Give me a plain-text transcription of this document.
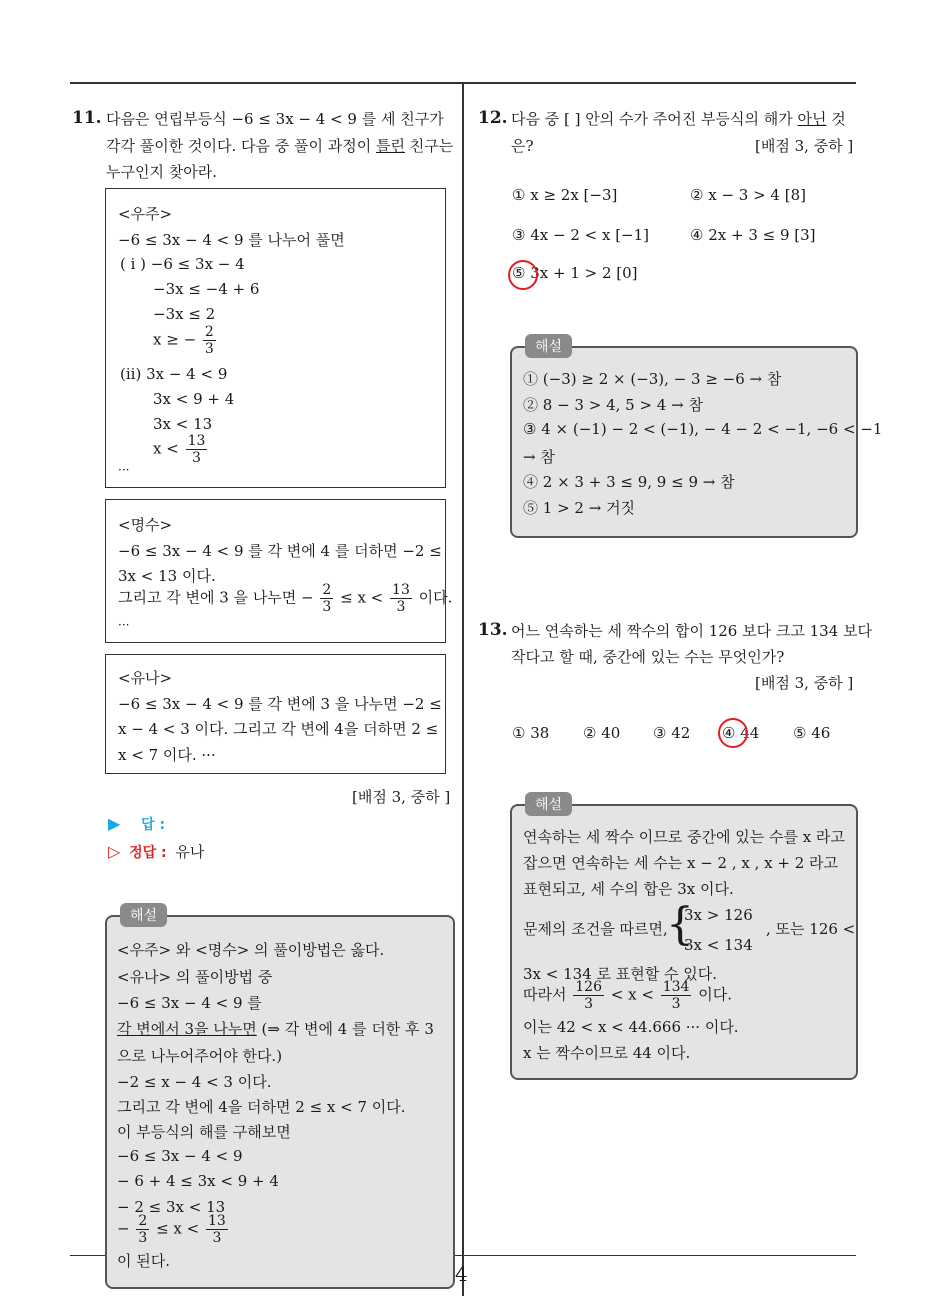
4
11. 다음은 연립부등식 −6 ≤ 3x − 4 < 9 를 세 친구가
각각 풀이한 것이다. 다음 중 풀이 과정이 틀린 친구는
누구인지 찾아라.
<우주>
−6 ≤ 3x − 4 < 9 를 나누어 풀면
( i ) −6 ≤ 3x − 4
−3x ≤ −4 + 6
−3x ≤ 2
x ≥ − $\frac{2}{3}$
(ii) 3x − 4 < 9
3x < 9 + 4
3x < 13
$x < \frac{13}{3}$
···
<명수>
−6 ≤ 3x − 4 < 9 를 각 변에 4 를 더하면 −2 ≤
3x < 13 이다.
그리고 각 변에 3 을 나누면 − $\frac{2}{3} \le x < \frac{13}{3}$ 이다.
···
<유나>
−6 ≤ 3x − 4 < 9 를 각 변에 3 을 나누면 −2 ≤
x − 4 < 3 이다. 그리고 각 변에 4을 더하면 2 ≤
x < 7 이다. ···
[배점 3, 중하 ]
▶ 답 :
▷ 정답 : 유나
<우주> 와 <명수> 의 풀이방법은 옳다.
<유나> 의 풀이방법 중
−6 ≤ 3x − 4 < 9 를
각 변에서 3을 나누면 (⇒ 각 변에 4 를 더한 후 3
으로 나누어주어야 한다.)
−2 ≤ x − 4 < 3 이다.
그리고 각 변에 4을 더하면 2 ≤ x < 7 이다.
이 부등식의 해를 구해보면
−6 ≤ 3x − 4 < 9
− 6 + 4 ≤ 3x < 9 + 4
− 2 ≤ 3x < 13
− $\frac{2}{3} \le x < \frac{13}{3}$
이 된다.
해설
12. 다음 중 [ ] 안의 수가 주어진 부등식의 해가 아닌 것
은?	[배점 3, 중하 ]
① x ≥ 2x [−3]	② x − 3 > 4 [8]
③ 4x − 2 < x [−1]	④ 2x + 3 ≤ 9 [3]
⑤ 3x + 1 > 2 [0]
① (−3) ≥ 2 × (−3), − 3 ≥ −6 → 참
② 8 − 3 > 4, 5 > 4 → 참
③ 4 × (−1) − 2 < (−1), − 4 − 2 < −1, −6 < −1
→ 참
④ 2 × 3 + 3 ≤ 9, 9 ≤ 9 → 참
⑤ 1 > 2 → 거짓
해설
13. 어느 연속하는 세 짝수의 합이 126 보다 크고 134 보다
작다고 할 때, 중간에 있는 수는 무엇인가?
[배점 3, 중하 ]
① 38 ② 40 ③ 42 ④ 44 ⑤ 46
연속하는 세 짝수 이므로 중간에 있는 수를 x 라고
잡으면 연속하는 세 수는 x − 2 , x , x + 2 라고
표현되고, 세 수의 합은 3x 이다.
문제의 조건을 따르면,
{
3x > 126
3x < 134
, 또는 126 <
3x < 134 로 표현할 수 있다.
따라서 $\frac{126}{3} < x < \frac{134}{3}$ 이다.
이는 42 < x < 44.666 ··· 이다.
x 는 짝수이므로 44 이다.
해설
